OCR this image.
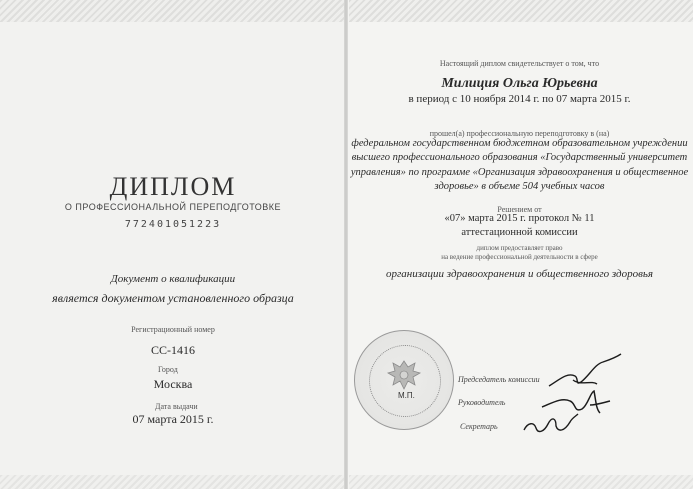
ДИПЛОМ
О ПРОФЕССИОНАЛЬНОЙ ПЕРЕПОДГОТОВКЕ
772401051223
Документ о квалификации
является документом установленного образца
Регистрационный номер
СС-1416
Город
Москва
Дата выдачи
07 марта 2015 г.
Настоящий диплом свидетельствует о том, что
Милиция Ольга Юрьевна
в период с 10 ноября 2014 г. по 07 марта 2015 г.
прошел(а) профессиональную переподготовку в (на)
федеральном государственном бюджетном образовательном учреждении высшего профессионального образования «Государственный университет управления» по программе «Организация здравоохранения и общественное здоровье» в объеме 504 учебных часов
Решением от
«07» марта 2015 г. протокол № 11
аттестационной комиссии
диплом предоставляет право
на ведение профессиональной деятельности в сфере
организации здравоохранения и общественного здоровья
М.П.
Председатель комиссии
Руководитель
Секретарь
